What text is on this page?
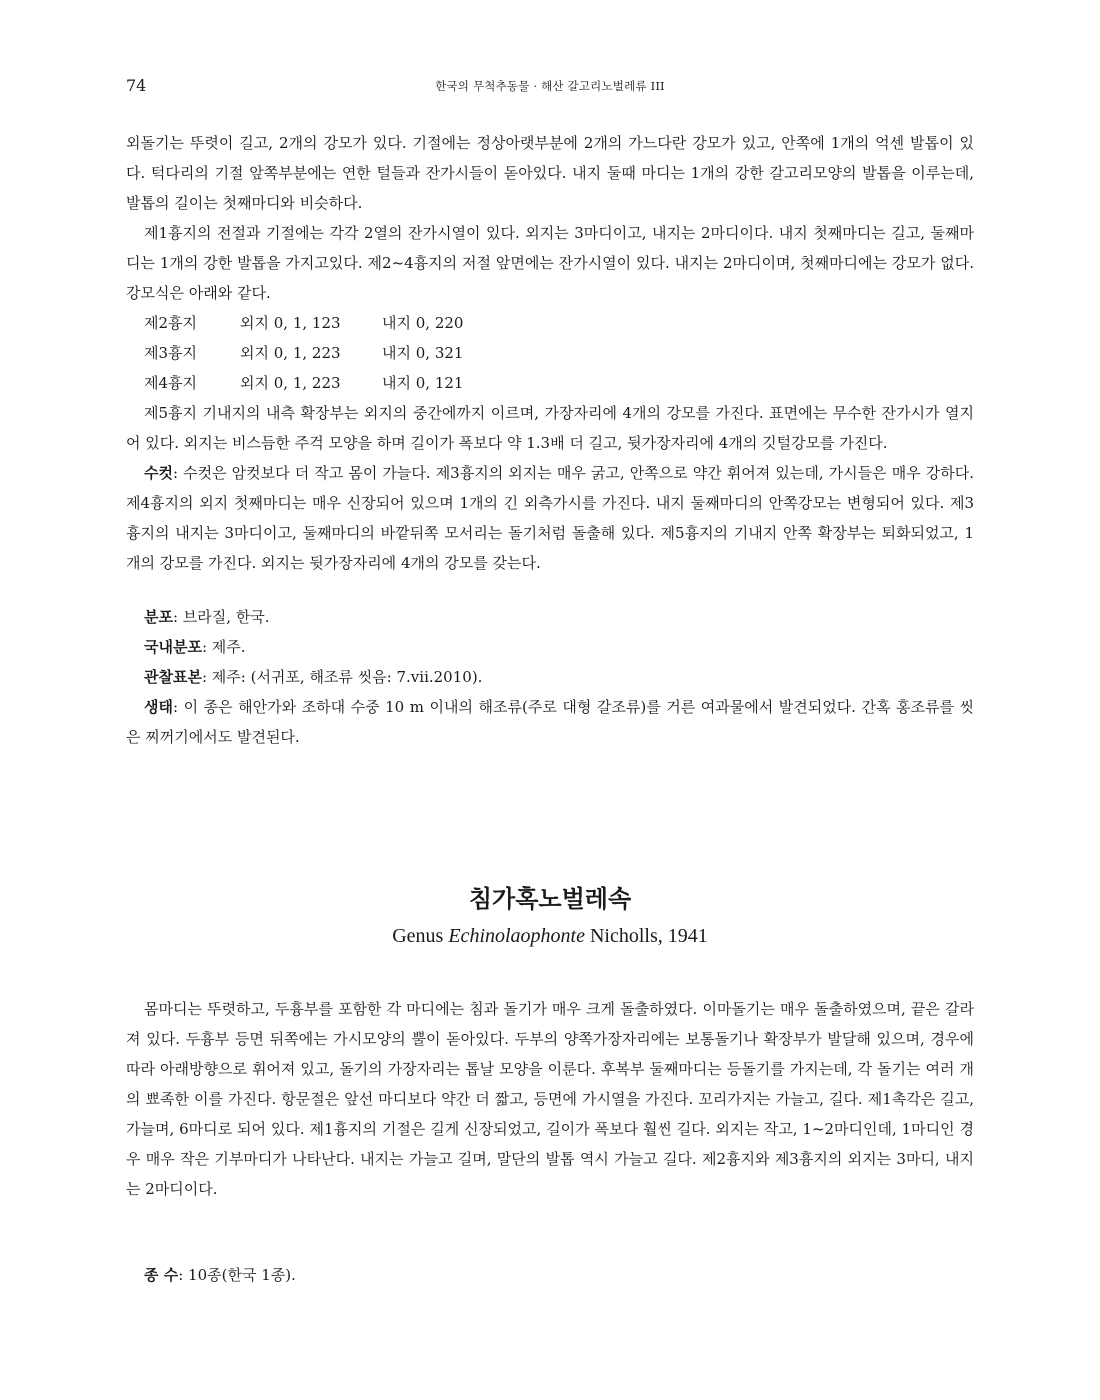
74	한국의 무척추동물 · 해산 갈고리노벌레류 III

외돌기는 뚜렷이 길고, 2개의 강모가 있다. 기절에는 정상아랫부분에 2개의 가느다란 강모가 있고, 안쪽에 1개의 억센 발톱이 있다. 턱다리의 기절 앞쪽부분에는 연한 털들과 잔가시들이 돋아있다. 내지 둘때 마디는 1개의 강한 갈고리모양의 발톱을 이루는데, 발톱의 길이는 첫째마디와 비슷하다.

제1흉지의 전절과 기절에는 각각 2열의 잔가시열이 있다. 외지는 3마디이고, 내지는 2마디이다. 내지 첫째마디는 길고, 둘째마디는 1개의 강한 발톱을 가지고있다. 제2~4흉지의 저절 앞면에는 잔가시열이 있다. 내지는 2마디이며, 첫째마디에는 강모가 없다. 강모식은 아래와 같다.

제2흉지	외지 0, 1, 123	내지 0, 220

제3흉지	외지 0, 1, 223	내지 0, 321

제4흉지	외지 0, 1, 223	내지 0, 121

제5흉지 기내지의 내측 확장부는 외지의 중간에까지 이르며, 가장자리에 4개의 강모를 가진다. 표면에는 무수한 잔가시가 열지어 있다. 외지는 비스듬한 주걱 모양을 하며 길이가 폭보다 약 1.3배 더 길고, 뒷가장자리에 4개의 깃털강모를 가진다.

수컷: 수컷은 암컷보다 더 작고 몸이 가늘다. 제3흉지의 외지는 매우 굵고, 안쪽으로 약간 휘어져 있는데, 가시들은 매우 강하다. 제4흉지의 외지 첫째마디는 매우 신장되어 있으며 1개의 긴 외측가시를 가진다. 내지 둘째마디의 안쪽강모는 변형되어 있다. 제3흉지의 내지는 3마디이고, 둘째마디의 바깥뒤쪽 모서리는 돌기처럼 돌출해 있다. 제5흉지의 기내지 안쪽 확장부는 퇴화되었고, 1개의 강모를 가진다. 외지는 뒷가장자리에 4개의 강모를 갖는다.

분포: 브라질, 한국.

국내분포: 제주.

관찰표본: 제주: (서귀포, 해조류 씻음: 7.vii.2010).

생태: 이 종은 해안가와 조하대 수중 10 m 이내의 해조류(주로 대형 갈조류)를 거른 여과물에서 발견되었다. 간혹 홍조류를 씻은 찌꺼기에서도 발견된다.

침가혹노벌레속

Genus Echinolaophonte Nicholls, 1941

몸마디는 뚜렷하고, 두흉부를 포함한 각 마디에는 침과 돌기가 매우 크게 돌출하였다. 이마돌기는 매우 돌출하였으며, 끝은 갈라져 있다. 두흉부 등면 뒤쪽에는 가시모양의 뿔이 돋아있다. 두부의 양쪽가장자리에는 보통돌기나 확장부가 발달해 있으며, 경우에 따라 아래방향으로 휘어져 있고, 돌기의 가장자리는 톱날 모양을 이룬다. 후복부 둘째마디는 등돌기를 가지는데, 각 돌기는 여러 개의 뾰족한 이를 가진다. 항문절은 앞선 마디보다 약간 더 짧고, 등면에 가시열을 가진다. 꼬리가지는 가늘고, 길다. 제1촉각은 길고, 가늘며, 6마디로 되어 있다. 제1흉지의 기절은 길게 신장되었고, 길이가 폭보다 훨씬 길다. 외지는 작고, 1~2마디인데, 1마디인 경우 매우 작은 기부마디가 나타난다. 내지는 가늘고 길며, 말단의 발톱 역시 가늘고 길다. 제2흉지와 제3흉지의 외지는 3마디, 내지는 2마디이다.

종 수: 10종(한국 1종).
